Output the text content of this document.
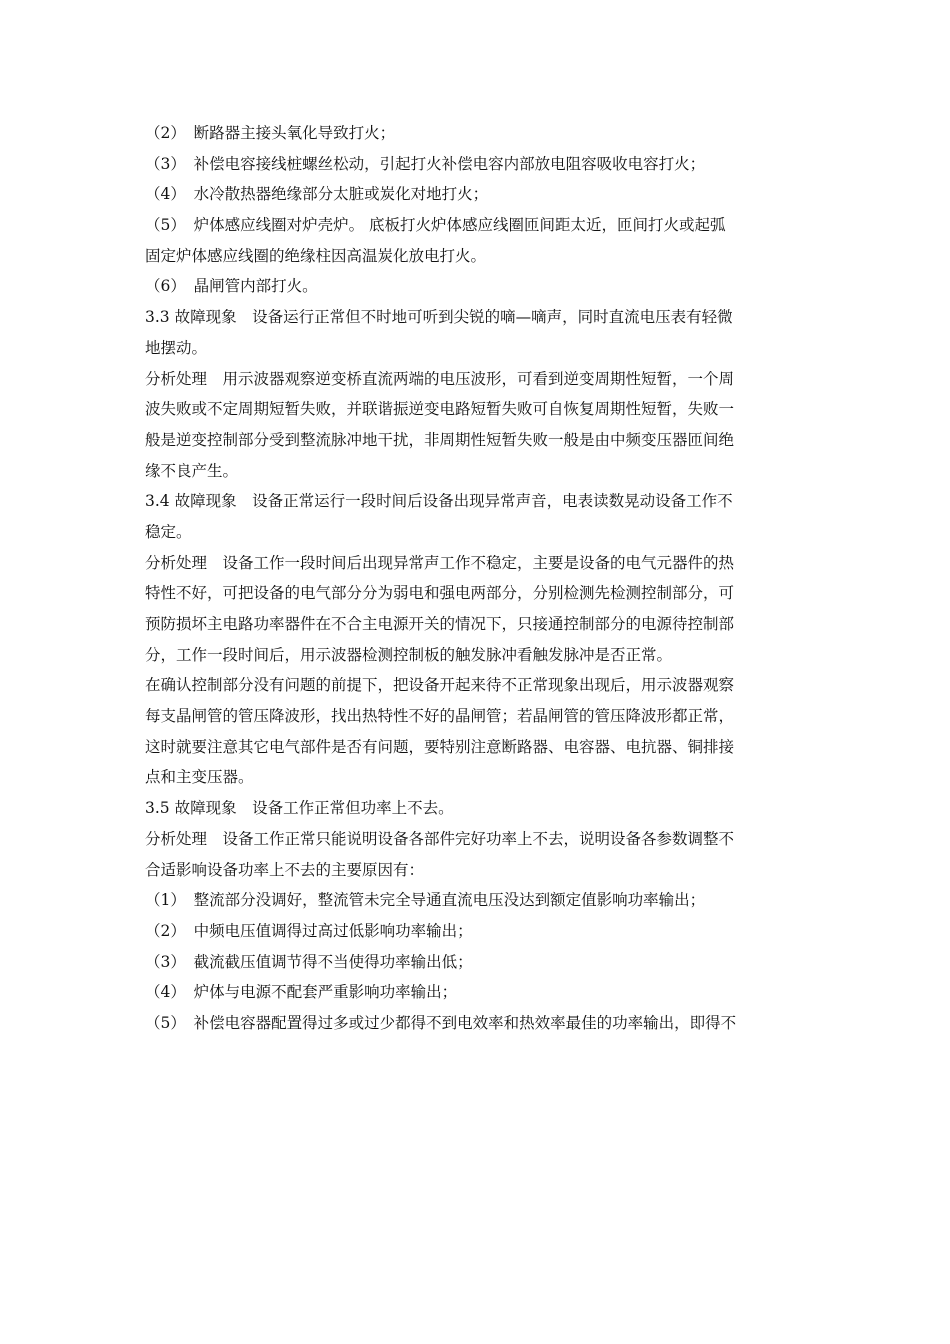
（2）　断路器主接头氧化导致打火；
（3）　补偿电容接线桩螺丝松动，引起打火补偿电容内部放电阻容吸收电容打火；
（4）　水冷散热器绝缘部分太脏或炭化对地打火；
（5）　炉体感应线圈对炉壳炉。 底板打火炉体感应线圈匝间距太近，匝间打火或起弧
固定炉体感应线圈的绝缘柱因高温炭化放电打火。
（6）　晶闸管内部打火。
3.3 故障现象　设备运行正常但不时地可听到尖锐的嘀—嘀声，同时直流电压表有轻微
地摆动。
分析处理　用示波器观察逆变桥直流两端的电压波形，可看到逆变周期性短暂，一个周
波失败或不定周期短暂失败，并联谐振逆变电路短暂失败可自恢复周期性短暂，失败一
般是逆变控制部分受到整流脉冲地干扰，非周期性短暂失败一般是由中频变压器匝间绝
缘不良产生。
3.4 故障现象　设备正常运行一段时间后设备出现异常声音，电表读数晃动设备工作不
稳定。
分析处理　设备工作一段时间后出现异常声工作不稳定，主要是设备的电气元器件的热
特性不好，可把设备的电气部分分为弱电和强电两部分，分别检测先检测控制部分，可
预防损坏主电路功率器件在不合主电源开关的情况下，只接通控制部分的电源待控制部
分，工作一段时间后，用示波器检测控制板的触发脉冲看触发脉冲是否正常。
在确认控制部分没有问题的前提下，把设备开起来待不正常现象出现后，用示波器观察
每支晶闸管的管压降波形，找出热特性不好的晶闸管；若晶闸管的管压降波形都正常，
这时就要注意其它电气部件是否有问题，要特别注意断路器、电容器、电抗器、铜排接
点和主变压器。
3.5 故障现象　设备工作正常但功率上不去。
分析处理　设备工作正常只能说明设备各部件完好功率上不去，说明设备各参数调整不
合适影响设备功率上不去的主要原因有：
（1）　整流部分没调好，整流管未完全导通直流电压没达到额定值影响功率输出；
（2）　中频电压值调得过高过低影响功率输出；
（3）　截流截压值调节得不当使得功率输出低；
（4）　炉体与电源不配套严重影响功率输出；
（5）　补偿电容器配置得过多或过少都得不到电效率和热效率最佳的功率输出，即得不
